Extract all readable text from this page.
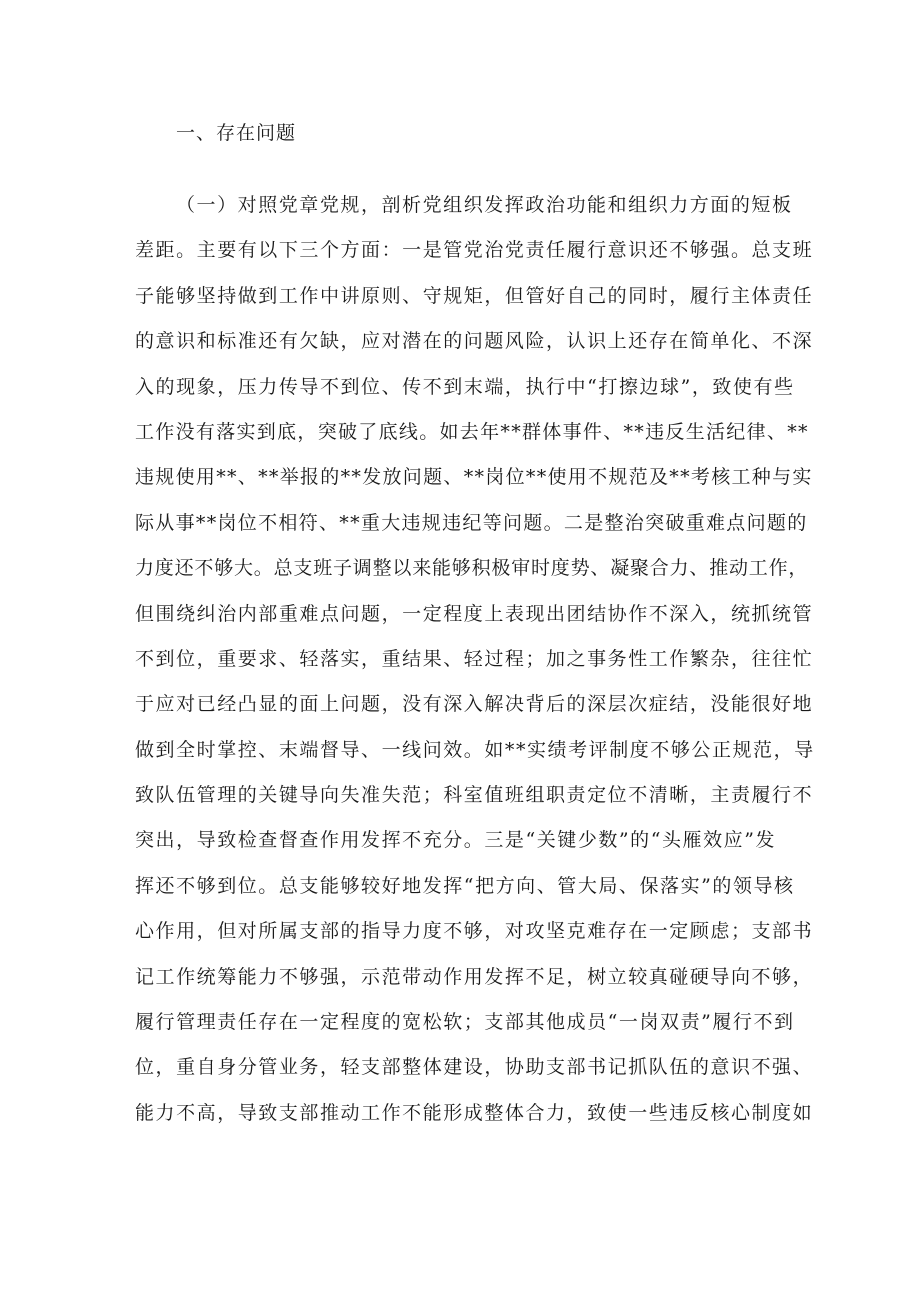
一、存在问题
（一）对照党章党规，剖析党组织发挥政治功能和组织力方面的短板
差距。主要有以下三个方面：一是管党治党责任履行意识还不够强。总支班
子能够坚持做到工作中讲原则、守规矩，但管好自己的同时，履行主体责任
的意识和标准还有欠缺，应对潜在的问题风险，认识上还存在简单化、不深
入的现象，压力传导不到位、传不到末端，执行中“打擦边球”，致使有些
工作没有落实到底，突破了底线。如去年**群体事件、**违反生活纪律、**
违规使用**、**举报的**发放问题、**岗位**使用不规范及**考核工种与实
际从事**岗位不相符、**重大违规违纪等问题。二是整治突破重难点问题的
力度还不够大。总支班子调整以来能够积极审时度势、凝聚合力、推动工作，
但围绕纠治内部重难点问题，一定程度上表现出团结协作不深入，统抓统管
不到位，重要求、轻落实，重结果、轻过程；加之事务性工作繁杂，往往忙
于应对已经凸显的面上问题，没有深入解决背后的深层次症结，没能很好地
做到全时掌控、末端督导、一线问效。如**实绩考评制度不够公正规范，导
致队伍管理的关键导向失准失范；科室值班组职责定位不清晰，主责履行不
突出，导致检查督查作用发挥不充分。三是“关键少数”的“头雁效应”发
挥还不够到位。总支能够较好地发挥“把方向、管大局、保落实”的领导核
心作用，但对所属支部的指导力度不够，对攻坚克难存在一定顾虑；支部书
记工作统筹能力不够强，示范带动作用发挥不足，树立较真碰硬导向不够，
履行管理责任存在一定程度的宽松软；支部其他成员“一岗双责”履行不到
位，重自身分管业务，轻支部整体建设，协助支部书记抓队伍的意识不强、
能力不高，导致支部推动工作不能形成整体合力，致使一些违反核心制度如
